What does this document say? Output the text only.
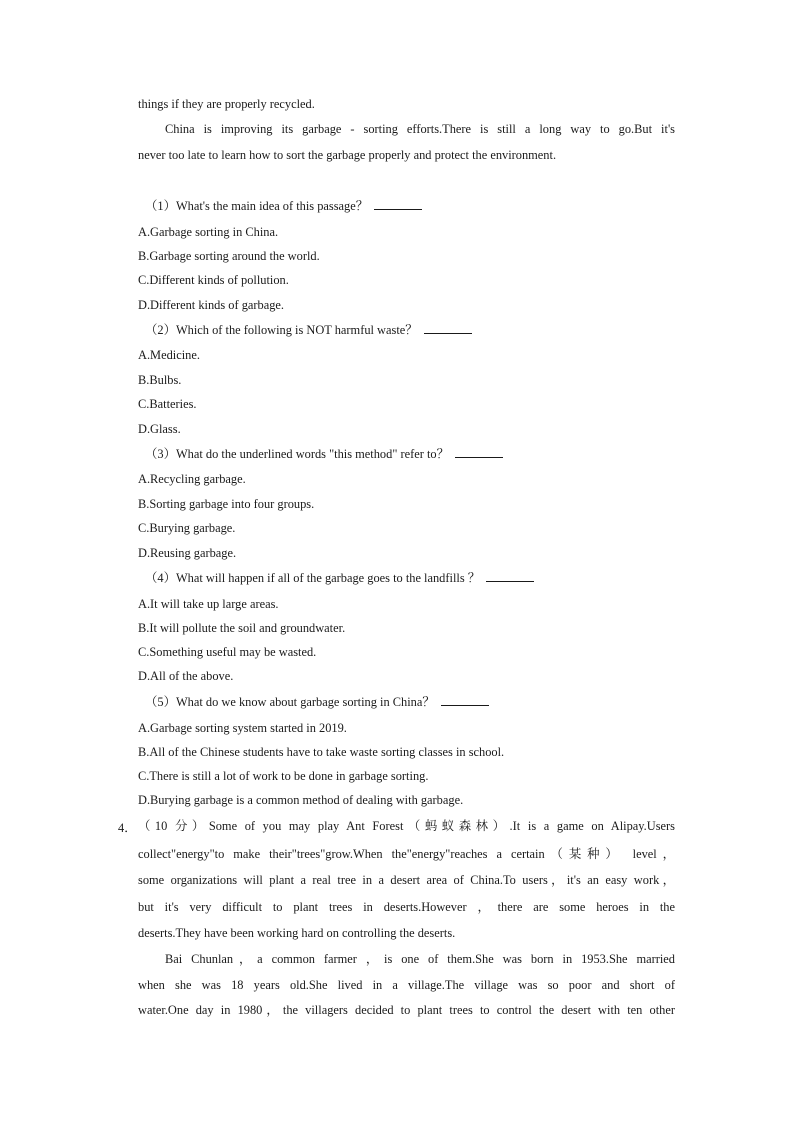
things if they are properly recycled.
China is improving its garbage - sorting efforts.There is still a long way to go.But it's
never too late to learn how to sort the garbage properly and protect the environment.
（1）What's the main idea of this passage？
A.Garbage sorting in China.
B.Garbage sorting around the world.
C.Different kinds of pollution.
D.Different kinds of garbage.
（2）Which of the following is NOT harmful waste？
A.Medicine.
B.Bulbs.
C.Batteries.
D.Glass.
（3）What do the underlined words "this method" refer to？
A.Recycling garbage.
B.Sorting garbage into four groups.
C.Burying garbage.
D.Reusing garbage.
（4）What will happen if all of the garbage goes to the landfills ？
A.It will take up large areas.
B.It will pollute the soil and groundwater.
C.Something useful may be wasted.
D.All of the above.
（5）What do we know about garbage sorting in China？
A.Garbage sorting system started in 2019.
B.All of the Chinese students have to take waste sorting classes in school.
C.There is still a lot of work to be done in garbage sorting.
D.Burying garbage is a common method of dealing with garbage.
4． （10 分）Some of you may play Ant Forest（蚂蚁森林）.It is a game on Alipay.Users
collect"energy"to make their"trees"grow.When the"energy"reaches a certain（某种） level，
some organizations will plant a real tree in a desert area of China.To users，it's an easy work，
but it's very difficult to plant trees in deserts.However ，there are some heroes in the
deserts.They have been working hard on controlling the deserts.
Bai Chunlan，a common farmer ，is one of them.She was born in 1953.She married
when she was 18 years old.She lived in a village.The village was so poor and short of
water.One day in 1980，the villagers decided to plant trees to control the desert with ten other
